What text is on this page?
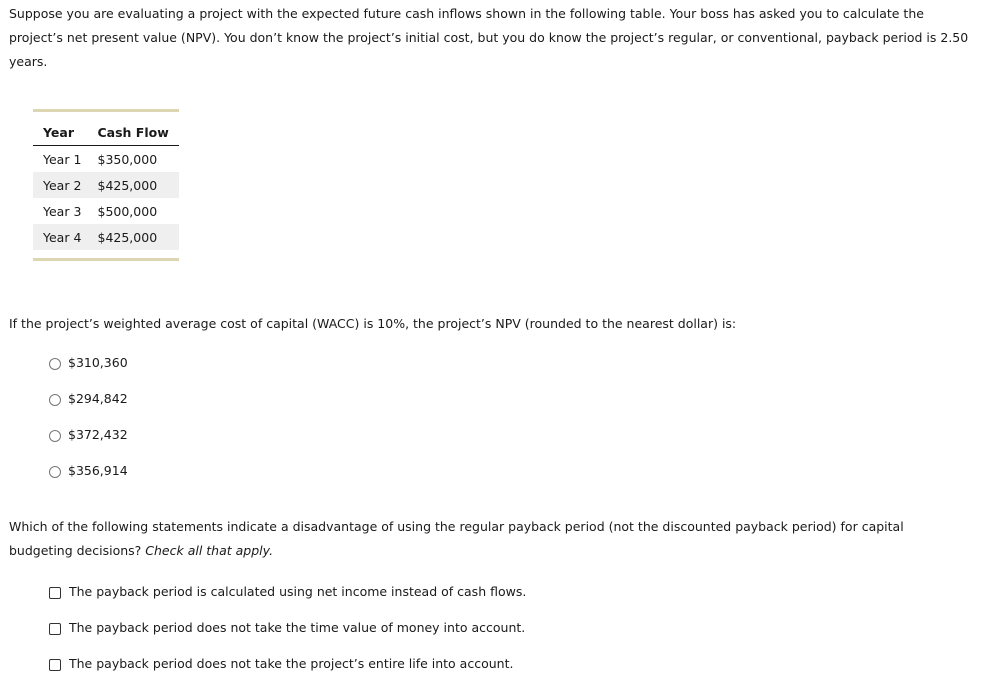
Suppose you are evaluating a project with the expected future cash inflows shown in the following table. Your boss has asked you to calculate the project’s net present value (NPV). You don’t know the project’s initial cost, but you do know the project’s regular, or conventional, payback period is 2.50 years.

Year	Cash Flow
Year 1	$350,000
Year 2	$425,000
Year 3	$500,000
Year 4	$425,000

If the project’s weighted average cost of capital (WACC) is 10%, the project’s NPV (rounded to the nearest dollar) is:

$310,360
$294,842
$372,432
$356,914

Which of the following statements indicate a disadvantage of using the regular payback period (not the discounted payback period) for capital budgeting decisions? Check all that apply.

The payback period is calculated using net income instead of cash flows.
The payback period does not take the time value of money into account.
The payback period does not take the project’s entire life into account.
